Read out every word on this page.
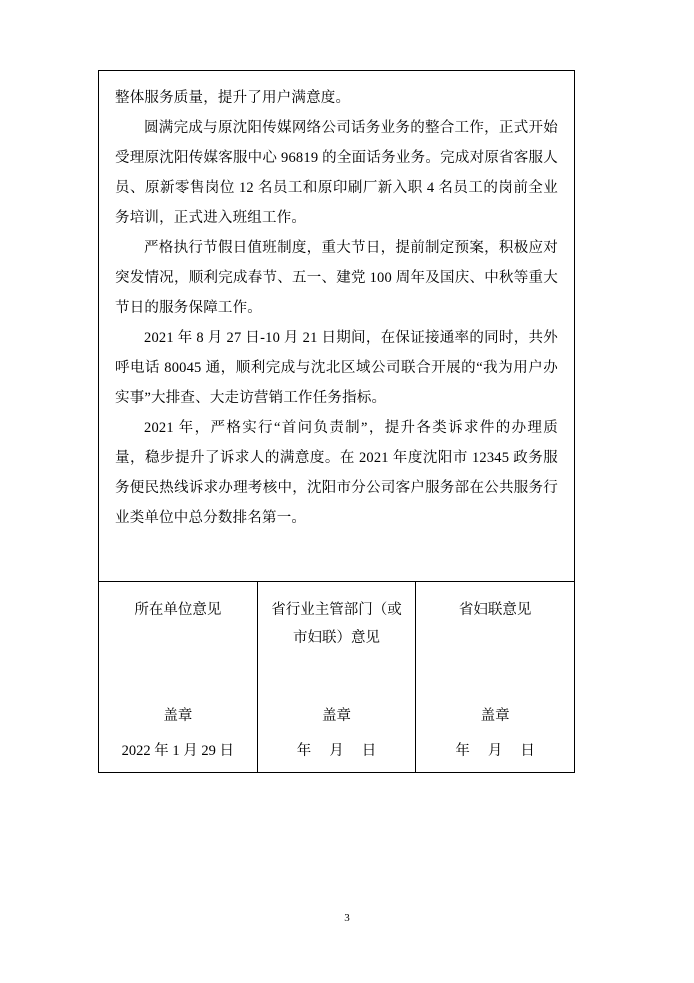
整体服务质量，提升了用户满意度。

圆满完成与原沈阳传媒网络公司话务业务的整合工作，正式开始受理原沈阳传媒客服中心 96819 的全面话务业务。完成对原省客服人员、原新零售岗位 12 名员工和原印刷厂新入职 4 名员工的岗前全业务培训，正式进入班组工作。

严格执行节假日值班制度，重大节日，提前制定预案，积极应对突发情况，顺利完成春节、五一、建党 100 周年及国庆、中秋等重大节日的服务保障工作。

2021 年 8 月 27 日-10 月 21 日期间，在保证接通率的同时，共外呼电话 80045 通，顺利完成与沈北区域公司联合开展的“我为用户办实事”大排查、大走访营销工作任务指标。

2021 年，严格实行“首问负责制”，提升各类诉求件的办理质量，稳步提升了诉求人的满意度。在 2021 年度沈阳市 12345 政务服务便民热线诉求办理考核中，沈阳市分公司客户服务部在公共服务行业类单位中总分数排名第一。

所在单位意见
盖章
2022 年 1 月 29 日
省行业主管部门（或市妇联）意见
盖章
年 月 日
省妇联意见
盖章
年 月 日
3
